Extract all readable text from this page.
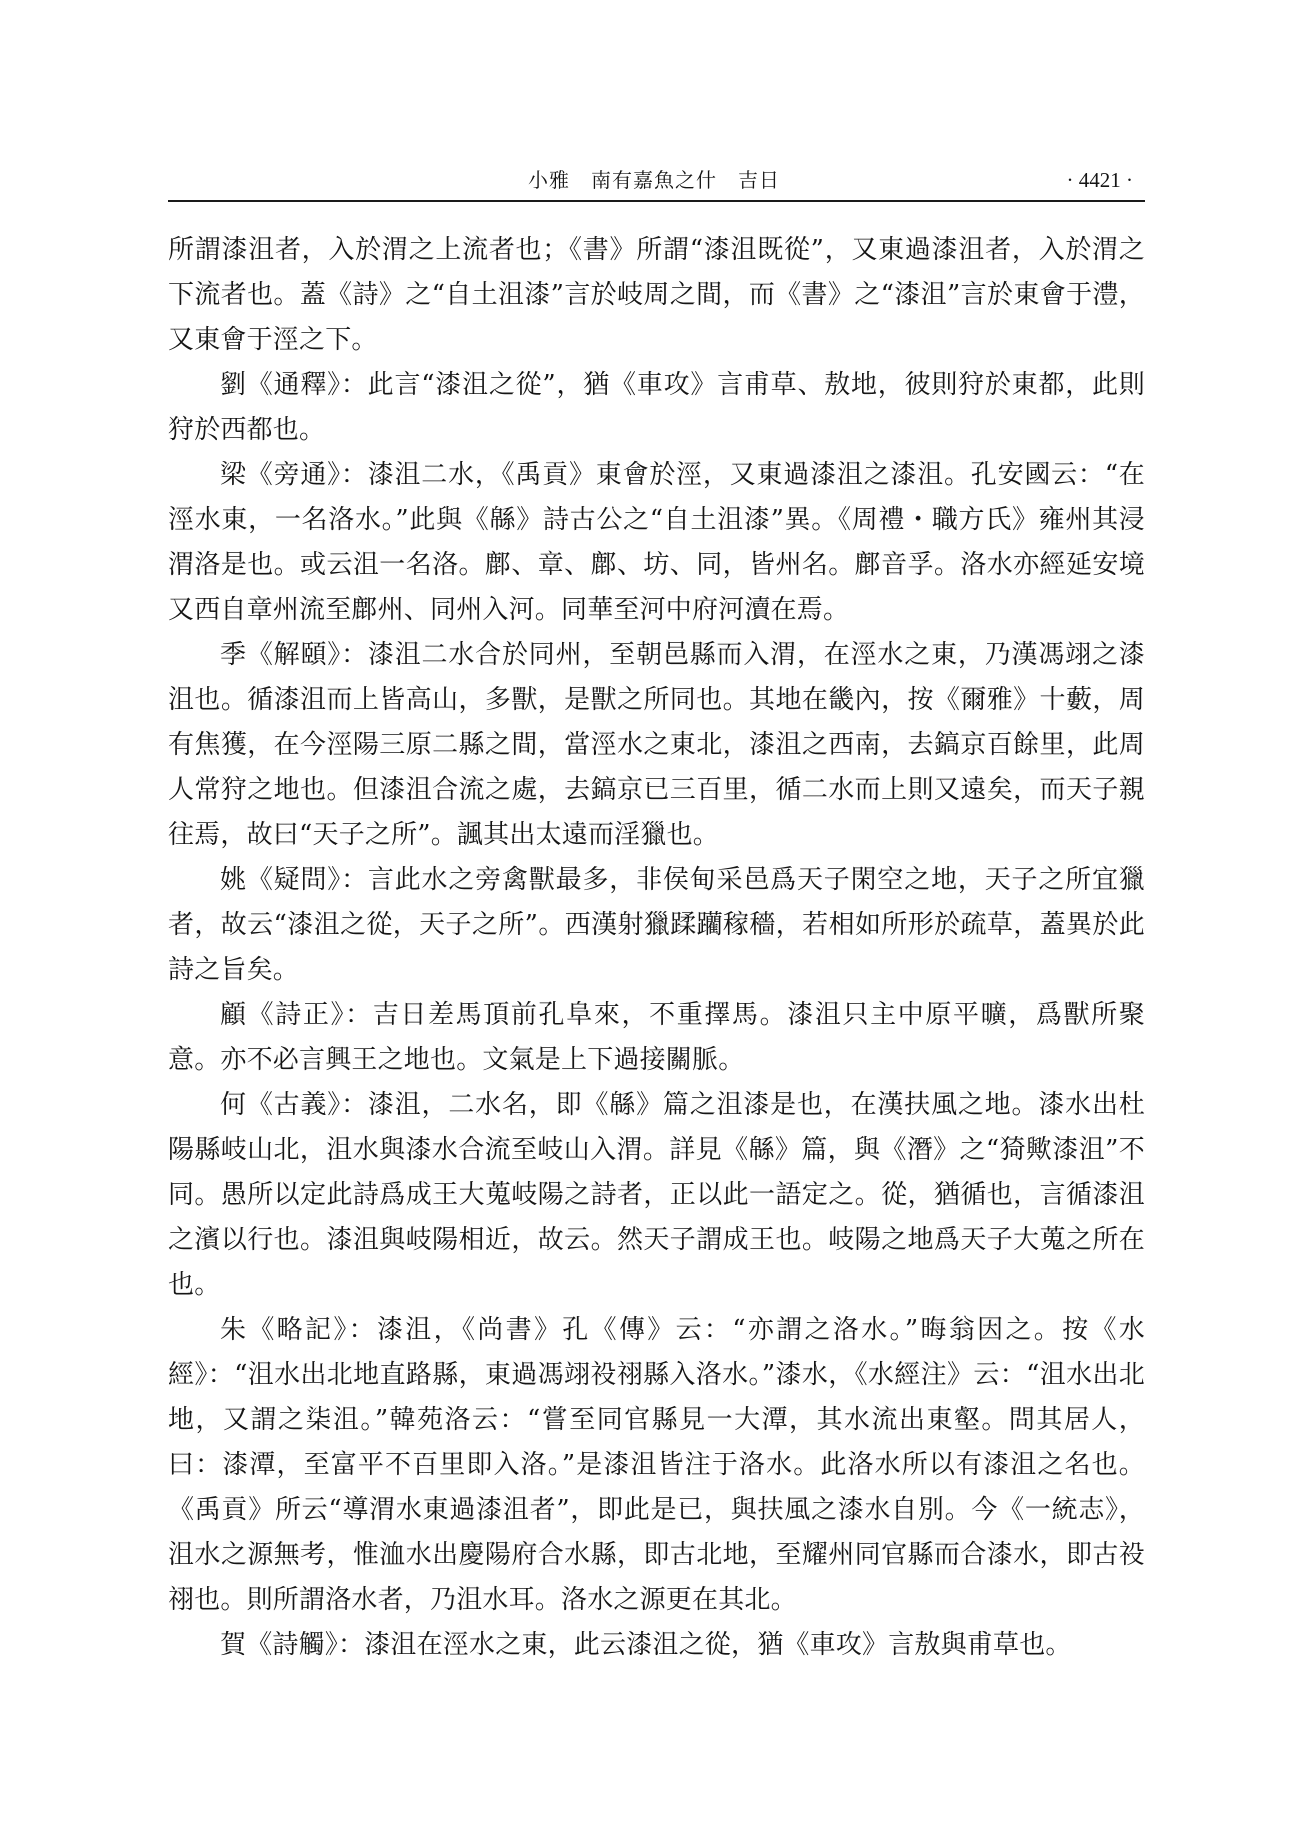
小雅　南有嘉魚之什　吉日	· 4421 ·

所謂漆沮者，入於渭之上流者也；《書》所謂“漆沮既從”，又東過漆沮者，入於渭之下流者也。蓋《詩》之“自土沮漆”言於岐周之間，而《書》之“漆沮”言於東會于澧，又東會于涇之下。

劉《通釋》：此言“漆沮之從”，猶《車攻》言甫草、敖地，彼則狩於東都，此則狩於西都也。

梁《旁通》：漆沮二水，《禹貢》東會於涇，又東過漆沮之漆沮。孔安國云：“在涇水東，一名洛水。”此與《緜》詩古公之“自土沮漆”異。《周禮・職方氏》雍州其浸渭洛是也。或云沮一名洛。鄜、章、鄜、坊、同，皆州名。鄜音孚。洛水亦經延安境又西自章州流至鄜州、同州入河。同華至河中府河瀆在焉。

季《解頤》：漆沮二水合於同州，至朝邑縣而入渭，在涇水之東，乃漢馮翊之漆沮也。循漆沮而上皆高山，多獸，是獸之所同也。其地在畿內，按《爾雅》十藪，周有焦獲，在今涇陽三原二縣之間，當涇水之東北，漆沮之西南，去鎬京百餘里，此周人常狩之地也。但漆沮合流之處，去鎬京已三百里，循二水而上則又遠矣，而天子親往焉，故曰“天子之所”。諷其出太遠而淫獵也。

姚《疑問》：言此水之旁禽獸最多，非侯甸采邑爲天子閑空之地，天子之所宜獵者，故云“漆沮之從，天子之所”。西漢射獵蹂躪稼穡，若相如所形於疏草，蓋異於此詩之旨矣。

顧《詩正》：吉日差馬頂前孔阜來，不重擇馬。漆沮只主中原平曠，爲獸所聚意。亦不必言興王之地也。文氣是上下過接關脈。

何《古義》：漆沮，二水名，即《緜》篇之沮漆是也，在漢扶風之地。漆水出杜陽縣岐山北，沮水與漆水合流至岐山入渭。詳見《緜》篇，與《潛》之“猗歟漆沮”不同。愚所以定此詩爲成王大蒐岐陽之詩者，正以此一語定之。從，猶循也，言循漆沮之濱以行也。漆沮與岐陽相近，故云。然天子謂成王也。岐陽之地爲天子大蒐之所在也。

朱《略記》：漆沮，《尚書》孔《傳》云：“亦謂之洛水。”晦翁因之。按《水經》：“沮水出北地直路縣，東過馮翊祋祤縣入洛水。”漆水，《水經注》云：“沮水出北地，又謂之柒沮。”韓苑洛云：“嘗至同官縣見一大潭，其水流出東壑。問其居人，曰：漆潭，至富平不百里即入洛。”是漆沮皆注于洛水。此洛水所以有漆沮之名也。《禹貢》所云“導渭水東過漆沮者”，即此是已，與扶風之漆水自別。今《一統志》，沮水之源無考，惟洫水出慶陽府合水縣，即古北地，至耀州同官縣而合漆水，即古祋祤也。則所謂洛水者，乃沮水耳。洛水之源更在其北。

賀《詩觸》：漆沮在涇水之東，此云漆沮之從，猶《車攻》言敖與甫草也。
